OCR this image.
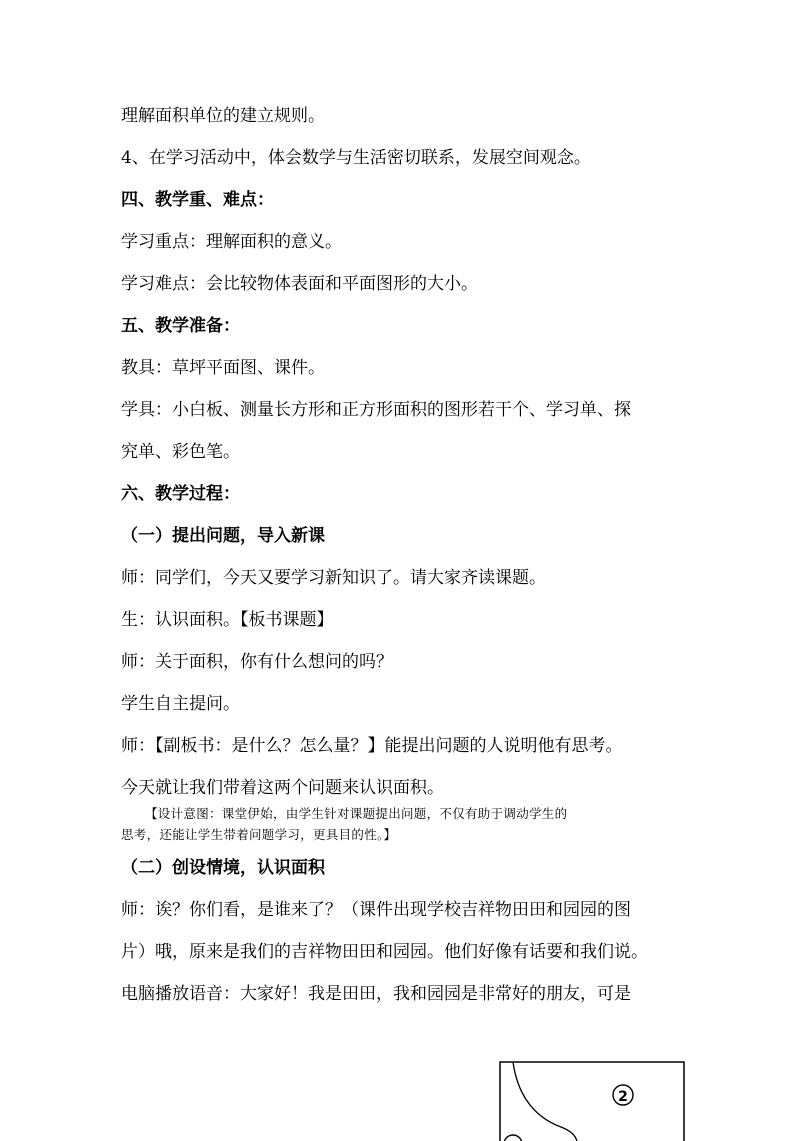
理解面积单位的建立规则。
4、在学习活动中，体会数学与生活密切联系，发展空间观念。
四、教学重、难点：
学习重点：理解面积的意义。
学习难点：会比较物体表面和平面图形的大小。
五、教学准备：
教具：草坪平面图、课件。
学具：小白板、测量长方形和正方形面积的图形若干个、学习单、探
究单、彩色笔。
六、教学过程：
（一）提出问题，导入新课
师：同学们，今天又要学习新知识了。请大家齐读课题。
生：认识面积。【板书课题】
师：关于面积，你有什么想问的吗？
学生自主提问。
师：【副板书：是什么？怎么量？】能提出问题的人说明他有思考。
今天就让我们带着这两个问题来认识面积。
【设计意图：课堂伊始，由学生针对课题提出问题，不仅有助于调动学生的
思考，还能让学生带着问题学习，更具目的性。】
（二）创设情境，认识面积
师：诶？你们看，是谁来了？（课件出现学校吉祥物田田和园园的图
片）哦，原来是我们的吉祥物田田和园园。他们好像有话要和我们说。
电脑播放语音：大家好！我是田田，我和园园是非常好的朋友，可是
2
